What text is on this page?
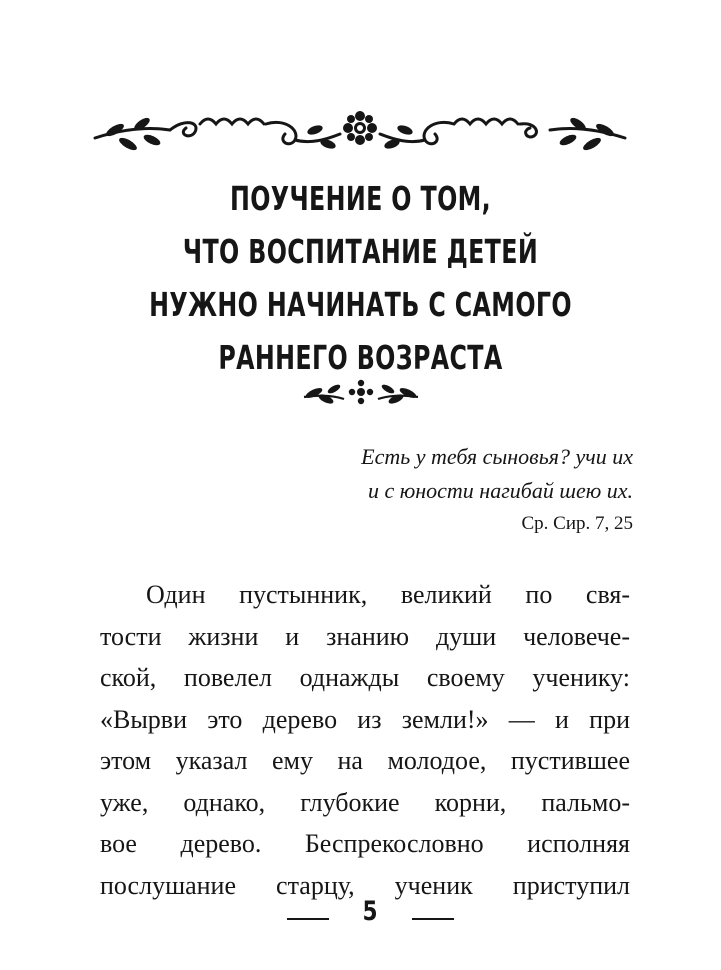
ПОУЧЕНИЕ О ТОМ,
ЧТО ВОСПИТАНИЕ ДЕТЕЙ
НУЖНО НАЧИНАТЬ С САМОГО
РАННЕГО ВОЗРАСТА
Есть у тебя сыновья? учи их
и с юности нагибай шею их.
Ср. Сир. 7, 25
Один пустынник, великий по свя-
тости жизни и знанию души человече-
ской, повелел однажды своему ученику:
«Вырви это дерево из земли!» — и при
этом указал ему на молодое, пустившее
уже, однако, глубокие корни, пальмо-
вое дерево. Беспрекословно исполняя
послушание старцу, ученик приступил
5
